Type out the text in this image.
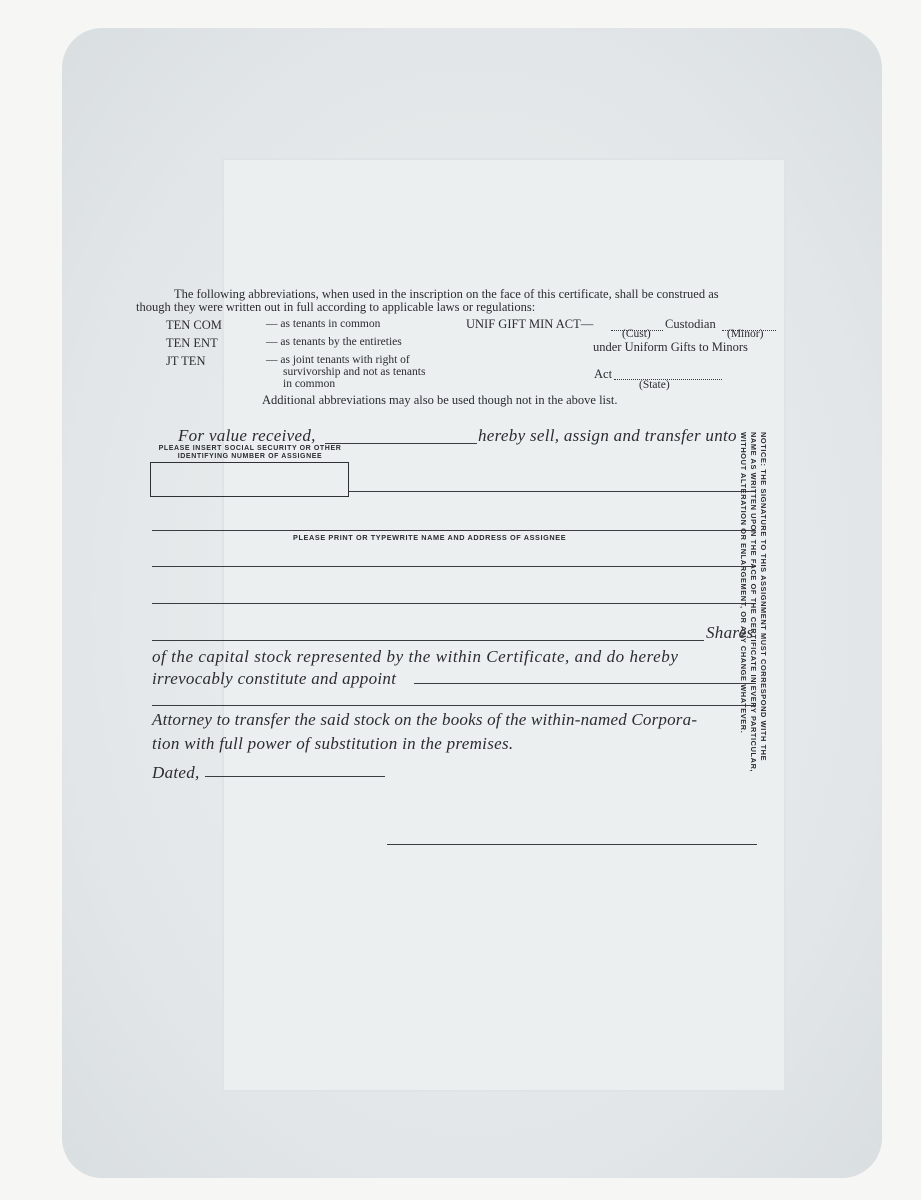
The following abbreviations, when used in the inscription on the face of this certificate, shall be construed as
though they were written out in full according to applicable laws or regulations:
TEN COM	— as tenants in common
TEN ENT	— as tenants by the entireties
JT TEN	— as joint tenants with right of
survivorship and not as tenants
in common
UNIF GIFT MIN ACT—	Custodian
(Cust)	(Minor)
under Uniform Gifts to Minors
Act
(State)
Additional abbreviations may also be used though not in the above list.
For value received,	hereby sell, assign and transfer unto
PLEASE INSERT SOCIAL SECURITY OR OTHER
IDENTIFYING NUMBER OF ASSIGNEE
PLEASE PRINT OR TYPEWRITE NAME AND ADDRESS OF ASSIGNEE
Shares
of the capital stock represented by the within Certificate, and do hereby
irrevocably constitute and appoint
Attorney to transfer the said stock on the books of the within-named Corpora-
tion with full power of substitution in the premises.
Dated,
NOTICE: THE SIGNATURE TO THIS ASSIGNMENT MUST CORRESPOND WITH THE
NAME AS WRITTEN UPON THE FACE OF THE CERTIFICATE IN EVERY PARTICULAR,
WITHOUT ALTERATION OR ENLARGEMENT, OR ANY CHANGE WHATEVER.
